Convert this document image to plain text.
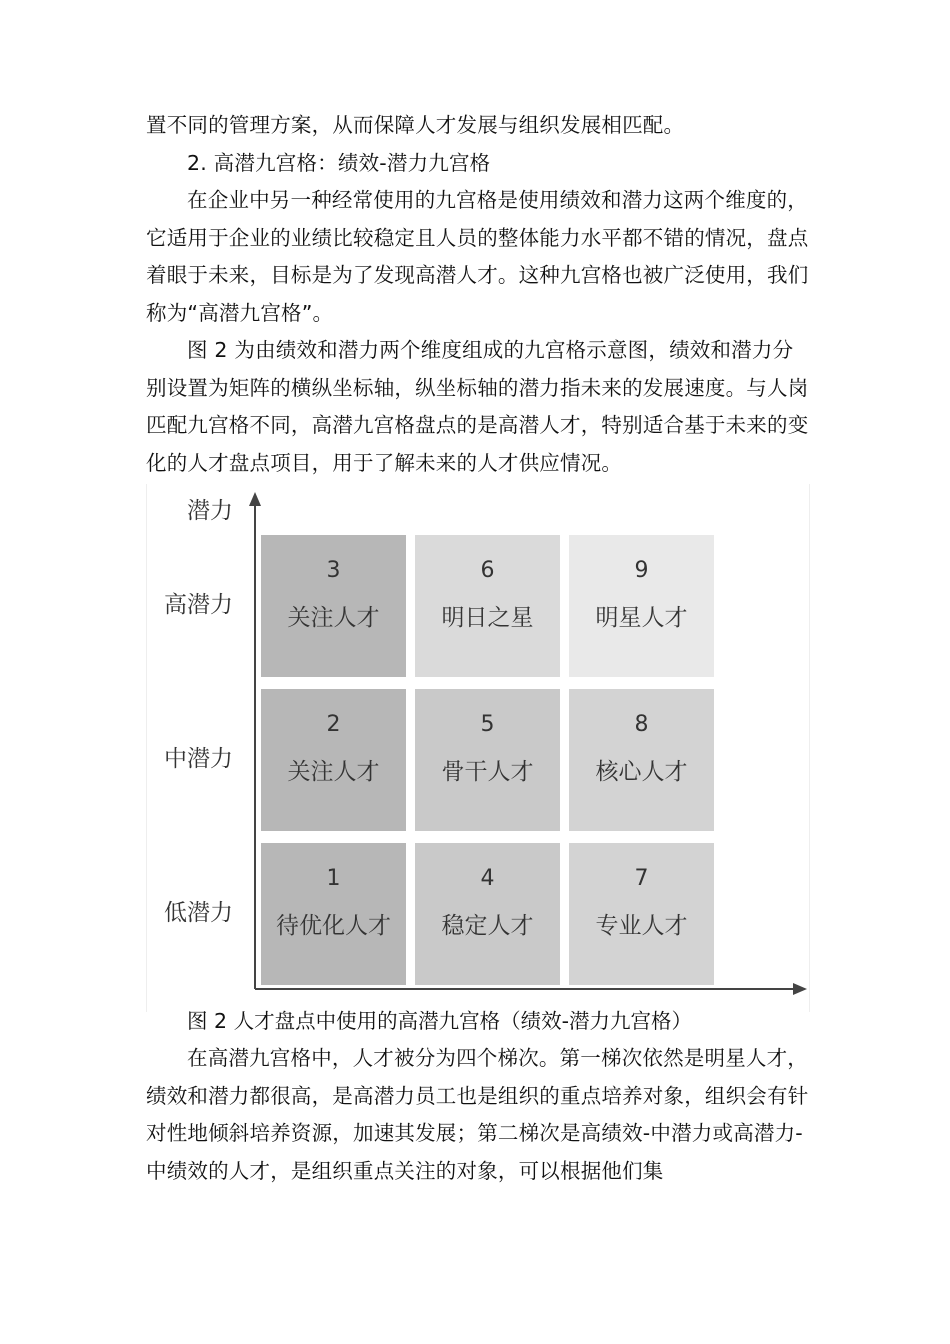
置不同的管理方案，从而保障人才发展与组织发展相匹配。

2. 高潜九宫格：绩效-潜力九宫格

在企业中另一种经常使用的九宫格是使用绩效和潜力这两个维度的，它适用于企业的业绩比较稳定且人员的整体能力水平都不错的情况，盘点着眼于未来，目标是为了发现高潜人才。这种九宫格也被广泛使用，我们称为“高潜九宫格”。

图 2 为由绩效和潜力两个维度组成的九宫格示意图，绩效和潜力分别设置为矩阵的横纵坐标轴，纵坐标轴的潜力指未来的发展速度。与人岗匹配九宫格不同，高潜九宫格盘点的是高潜人才，特别适合基于未来的变化的人才盘点项目，用于了解未来的人才供应情况。

潜力
高潜力
中潜力
低潜力
3
关注人才
6
明日之星
9
明星人才
2
关注人才
5
骨干人才
8
核心人才
1
待优化人才
4
稳定人才
7
专业人才
图 2 人才盘点中使用的高潜九宫格（绩效-潜力九宫格）

在高潜九宫格中，人才被分为四个梯次。第一梯次依然是明星人才，绩效和潜力都很高，是高潜力员工也是组织的重点培养对象，组织会有针对性地倾斜培养资源，加速其发展；第二梯次是高绩效-中潜力或高潜力-中绩效的人才，是组织重点关注的对象，可以根据他们集
